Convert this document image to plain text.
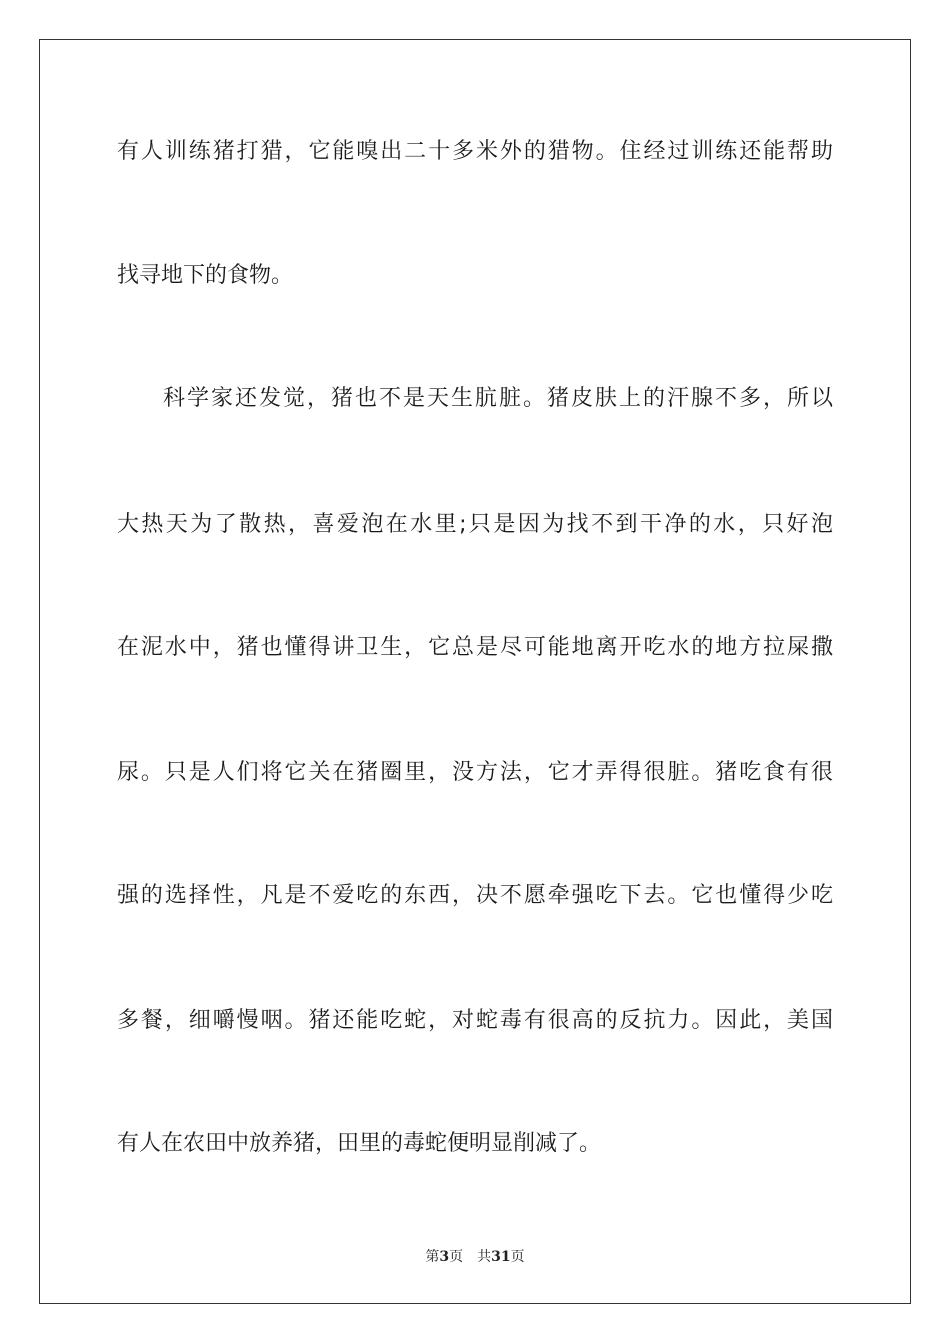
有人训练猪打猎，它能嗅出二十多米外的猎物。住经过训练还能帮助
找寻地下的食物。
科学家还发觉，猪也不是天生肮脏。猪皮肤上的汗腺不多，所以
大热天为了散热，喜爱泡在水里;只是因为找不到干净的水，只好泡
在泥水中，猪也懂得讲卫生，它总是尽可能地离开吃水的地方拉屎撒
尿。只是人们将它关在猪圈里，没方法，它才弄得很脏。猪吃食有很
强的选择性，凡是不爱吃的东西，决不愿牵强吃下去。它也懂得少吃
多餐，细嚼慢咽。猪还能吃蛇，对蛇毒有很高的反抗力。因此，美国
有人在农田中放养猪，田里的毒蛇便明显削减了。
第3页 共31页
